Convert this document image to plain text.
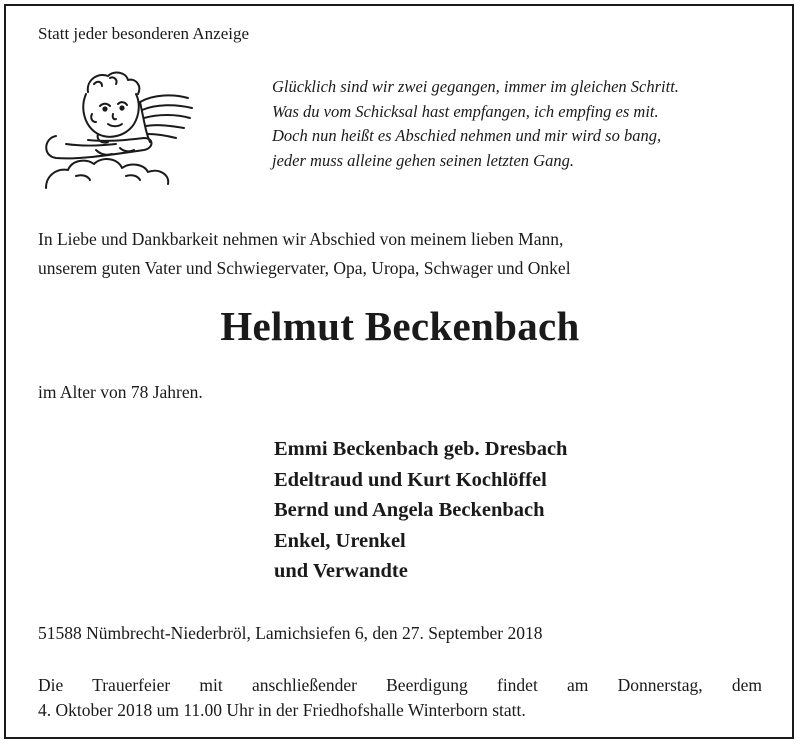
Statt jeder besonderen Anzeige
Glücklich sind wir zwei gegangen, immer im gleichen Schritt.
Was du vom Schicksal hast empfangen, ich empfing es mit.
Doch nun heißt es Abschied nehmen und mir wird so bang,
jeder muss alleine gehen seinen letzten Gang.
In Liebe und Dankbarkeit nehmen wir Abschied von meinem lieben Mann,
unserem guten Vater und Schwiegervater, Opa, Uropa, Schwager und Onkel
Helmut Beckenbach
im Alter von 78 Jahren.
Emmi Beckenbach geb. Dresbach
Edeltraud und Kurt Kochlöffel
Bernd und Angela Beckenbach
Enkel, Urenkel
und Verwandte
51588 Nümbrecht-Niederbröl, Lamichsiefen 6, den 27. September 2018
Die Trauerfeier mit anschließender Beerdigung findet am Donnerstag, dem
4. Oktober 2018 um 11.00 Uhr in der Friedhofshalle Winterborn statt.
